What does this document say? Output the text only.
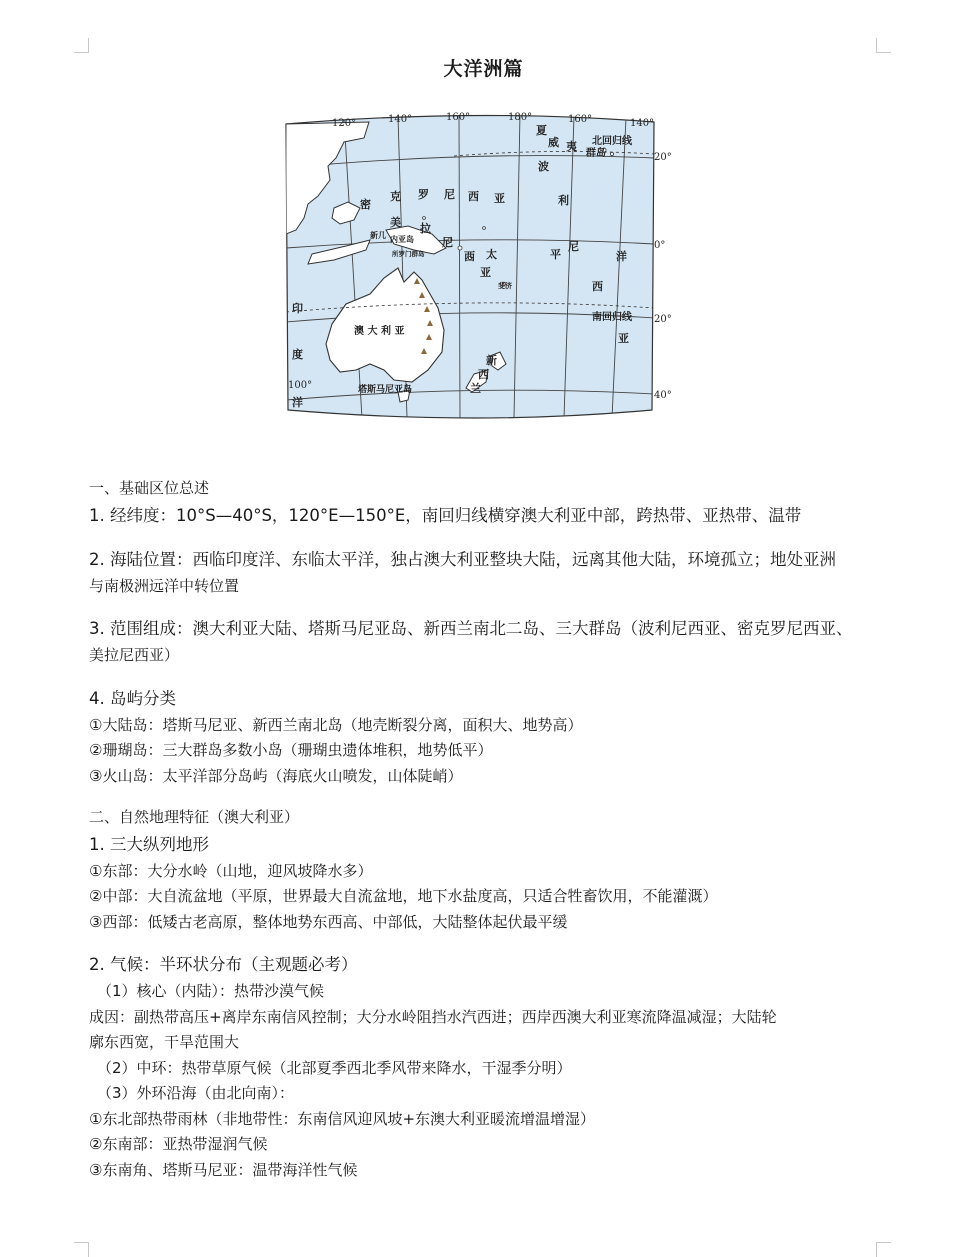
大洋洲篇
120°	140°	160°	180°	160°	140°
20°
0°
20°
40°
100°
密
克 罗 尼 西 亚
美 拉
尼
西
亚
波
利
尼
西
亚
太	平	洋
印
度
洋
夏
威 夷
新
西
兰
澳 大 利 亚
塔斯马尼亚岛
北回归线
群岛
南回归线
新几 内亚岛
所罗门群岛
斐济
一、基础区位总述
1. 经纬度：10°S—40°S，120°E—150°E，南回归线横穿澳大利亚中部，跨热带、亚热带、温带
2. 海陆位置：西临印度洋、东临太平洋，独占澳大利亚整块大陆，远离其他大陆，环境孤立；地处亚洲
与南极洲远洋中转位置
3. 范围组成：澳大利亚大陆、塔斯马尼亚岛、新西兰南北二岛、三大群岛（波利尼西亚、密克罗尼西亚、
美拉尼西亚）
4. 岛屿分类
①大陆岛：塔斯马尼亚、新西兰南北岛（地壳断裂分离，面积大、地势高）
②珊瑚岛：三大群岛多数小岛（珊瑚虫遗体堆积，地势低平）
③火山岛：太平洋部分岛屿（海底火山喷发，山体陡峭）
二、自然地理特征（澳大利亚）
1. 三大纵列地形
①东部：大分水岭（山地，迎风坡降水多）
②中部：大自流盆地（平原，世界最大自流盆地，地下水盐度高，只适合牲畜饮用，不能灌溉）
③西部：低矮古老高原，整体地势东西高、中部低，大陆整体起伏最平缓
2. 气候：半环状分布（主观题必考）
（1）核心（内陆）：热带沙漠气候
成因：副热带高压+离岸东南信风控制；大分水岭阻挡水汽西进；西岸西澳大利亚寒流降温减湿；大陆轮
廓东西宽，干旱范围大
（2）中环：热带草原气候（北部夏季西北季风带来降水，干湿季分明）
（3）外环沿海（由北向南）：
①东北部热带雨林（非地带性：东南信风迎风坡+东澳大利亚暖流增温增湿）
②东南部：亚热带湿润气候
③东南角、塔斯马尼亚：温带海洋性气候
